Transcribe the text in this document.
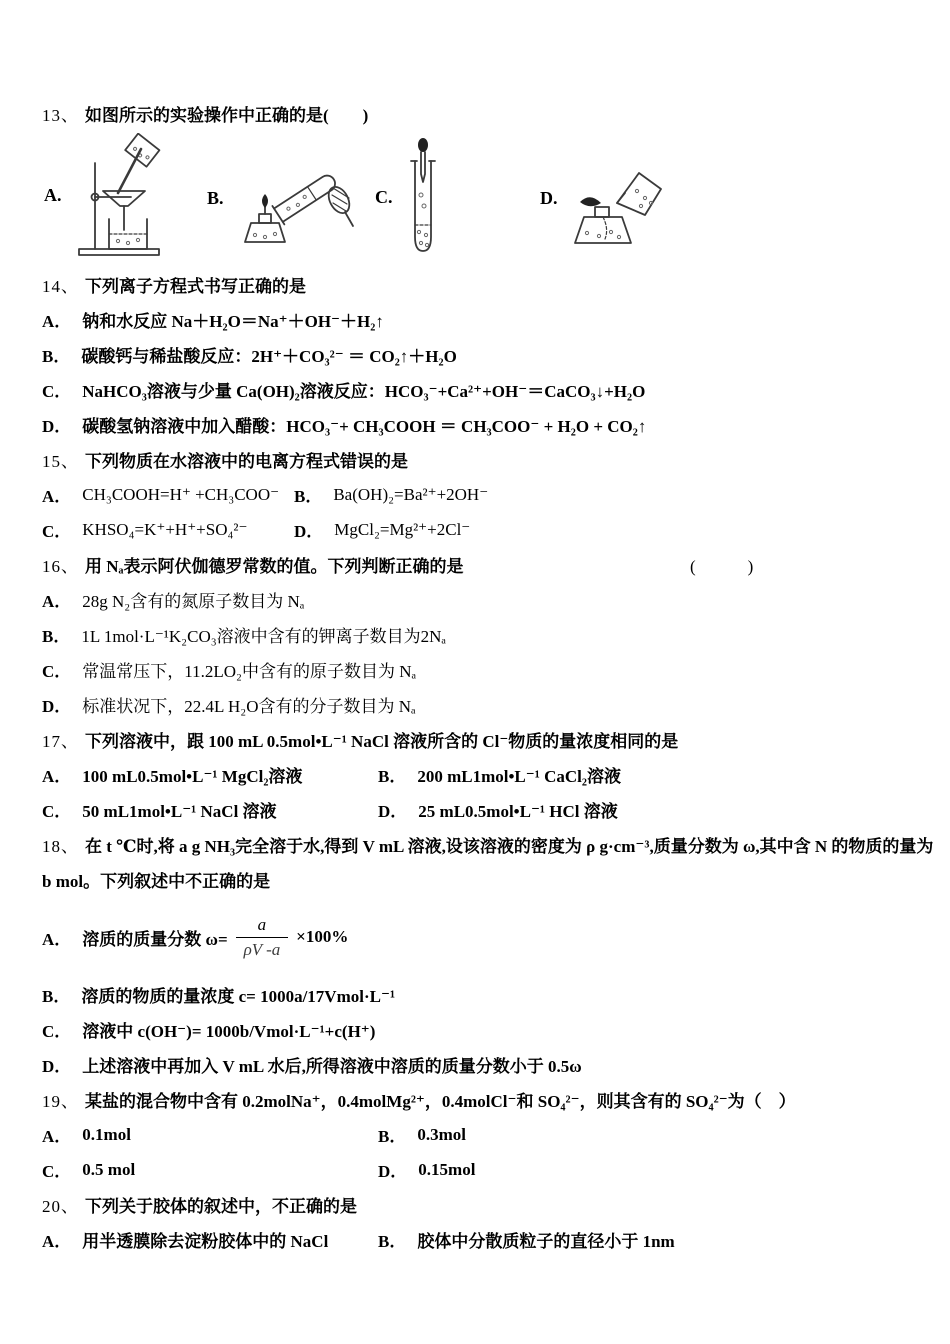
13、 如图所示的实验操作中正确的是(　　)
A.	B.	C.	D.
14、 下列离子方程式书写正确的是
A． 钠和水反应 Na＋H₂O＝Na⁺＋OH⁻＋H₂↑
B． 碳酸钙与稀盐酸反应：2H⁺＋CO₃²⁻ ＝ CO₂↑＋H₂O
C． NaHCO₃溶液与少量 Ca(OH)₂溶液反应：HCO₃⁻+Ca²⁺+OH⁻＝CaCO₃↓+H₂O
D． 碳酸氢钠溶液中加入醋酸：HCO₃⁻+ CH₃COOH ＝ CH₃COO⁻ + H₂O + CO₂↑
15、 下列物质在水溶液中的电离方程式错误的是
A． CH₃COOH=H⁺ +CH₃COO⁻ B． Ba(OH)₂=Ba²⁺+2OH⁻
C． KHSO₄=K⁺+H⁺+SO₄²⁻	D． MgCl₂=Mg²⁺+2Cl⁻
16、 用 Nₐ表示阿伏伽德罗常数的值。下列判断正确的是	(　　)
A． 28g N₂含有的氮原子数目为 Nₐ
B． 1L 1mol·L⁻¹K₂CO₃溶液中含有的钾离子数目为2Nₐ
C． 常温常压下，11.2LO₂中含有的原子数目为 Nₐ
D． 标准状况下，22.4L H₂O含有的分子数目为 Nₐ
17、 下列溶液中，跟 100 mL 0.5mol•L⁻¹ NaCl 溶液所含的 Cl⁻物质的量浓度相同的是
A． 100 mL0.5mol•L⁻¹ MgCl₂溶液	B． 200 mL1mol•L⁻¹ CaCl₂溶液
C． 50 mL1mol•L⁻¹ NaCl 溶液	D． 25 mL0.5mol•L⁻¹ HCl 溶液
18、 在 t ℃时,将 a g NH₃完全溶于水,得到 V mL 溶液,设该溶液的密度为 ρ g·cm⁻³,质量分数为 ω,其中含 N 的物质的量为
b mol。下列叙述中不正确的是
A． 溶质的质量分数 $\omega= \frac{a}{\rho V -a} \times 100\%$
B． 溶质的物质的量浓度 c= 1000a/17Vmol·L⁻¹
C． 溶液中 c(OH⁻)= 1000b/Vmol·L⁻¹+c(H⁺)
D． 上述溶液中再加入 V mL 水后,所得溶液中溶质的质量分数小于 0.5ω
19、 某盐的混合物中含有 0.2molNa⁺，0.4molMg²⁺，0.4molCl⁻和 SO₄²⁻，则其含有的 SO₄²⁻为（　）
A． 0.1mol	B． 0.3mol
C． 0.5 mol	D． 0.15mol
20、 下列关于胶体的叙述中，不正确的是
A． 用半透膜除去淀粉胶体中的 NaCl	B． 胶体中分散质粒子的直径小于 1nm
